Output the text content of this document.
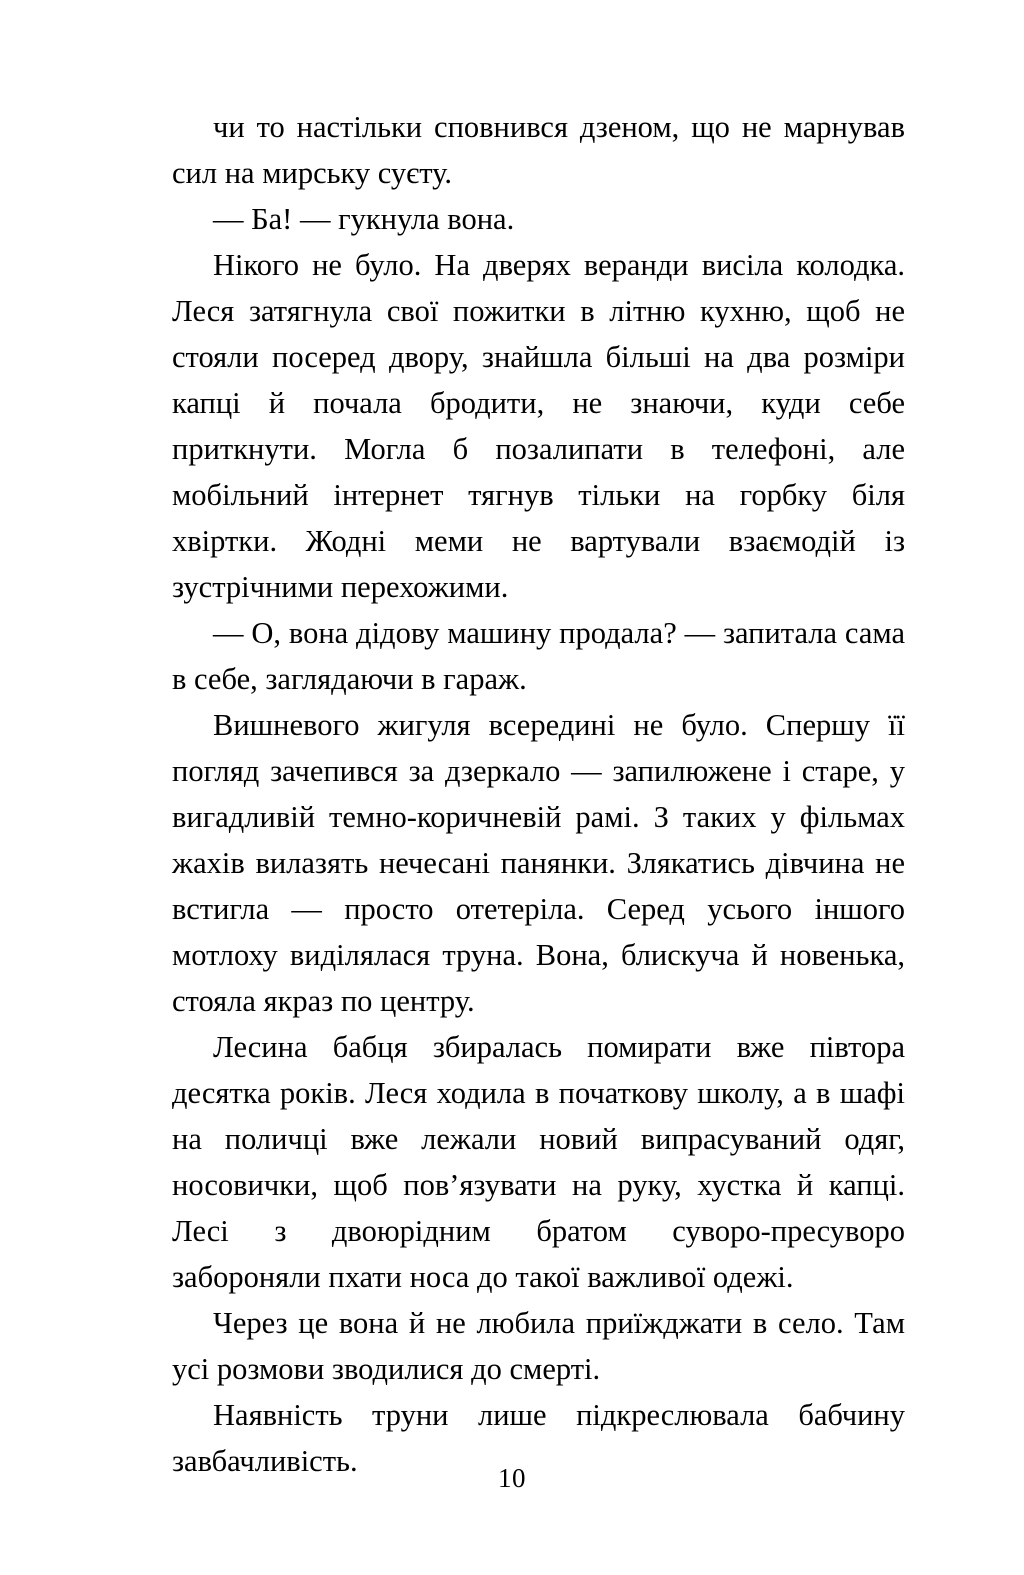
чи то настільки сповнився дзеном, що не марнував сил на мирську суєту.

— Ба! — гукнула вона.

Нікого не було. На дверях веранди висіла колодка. Леся затягнула свої пожитки в літню кухню, щоб не стояли посеред двору, знайшла більші на два розміри капці й почала бродити, не знаючи, куди себе приткнути. Могла б позалипати в телефоні, але мобільний інтернет тягнув тільки на горбку біля хвіртки. Жодні меми не вартували взаємодій із зустрічними перехожими.

— О, вона дідову машину продала? — запитала сама в себе, заглядаючи в гараж.

Вишневого жигуля всередині не було. Спершу її погляд зачепився за дзеркало — запилюжене і старе, у вигадливій темно-коричневій рамі. З таких у фільмах жахів вилазять нечесані панянки. Злякатись дівчина не встигла — просто отетеріла. Серед усього іншого мотлоху виділялася труна. Вона, блискуча й новенька, стояла якраз по центру.

Лесина бабця збиралась помирати вже півтора десятка років. Леся ходила в початкову школу, а в шафі на поличці вже лежали новий випрасуваний одяг, носовички, щоб пов’язувати на руку, хустка й капці. Лесі з двоюрідним братом суворо-пресуворо забороняли пхати носа до такої важливої одежі.

Через це вона й не любила приїжджати в село. Там усі розмови зводилися до смерті.

Наявність труни лише підкреслювала бабчину завбачливість.	10
